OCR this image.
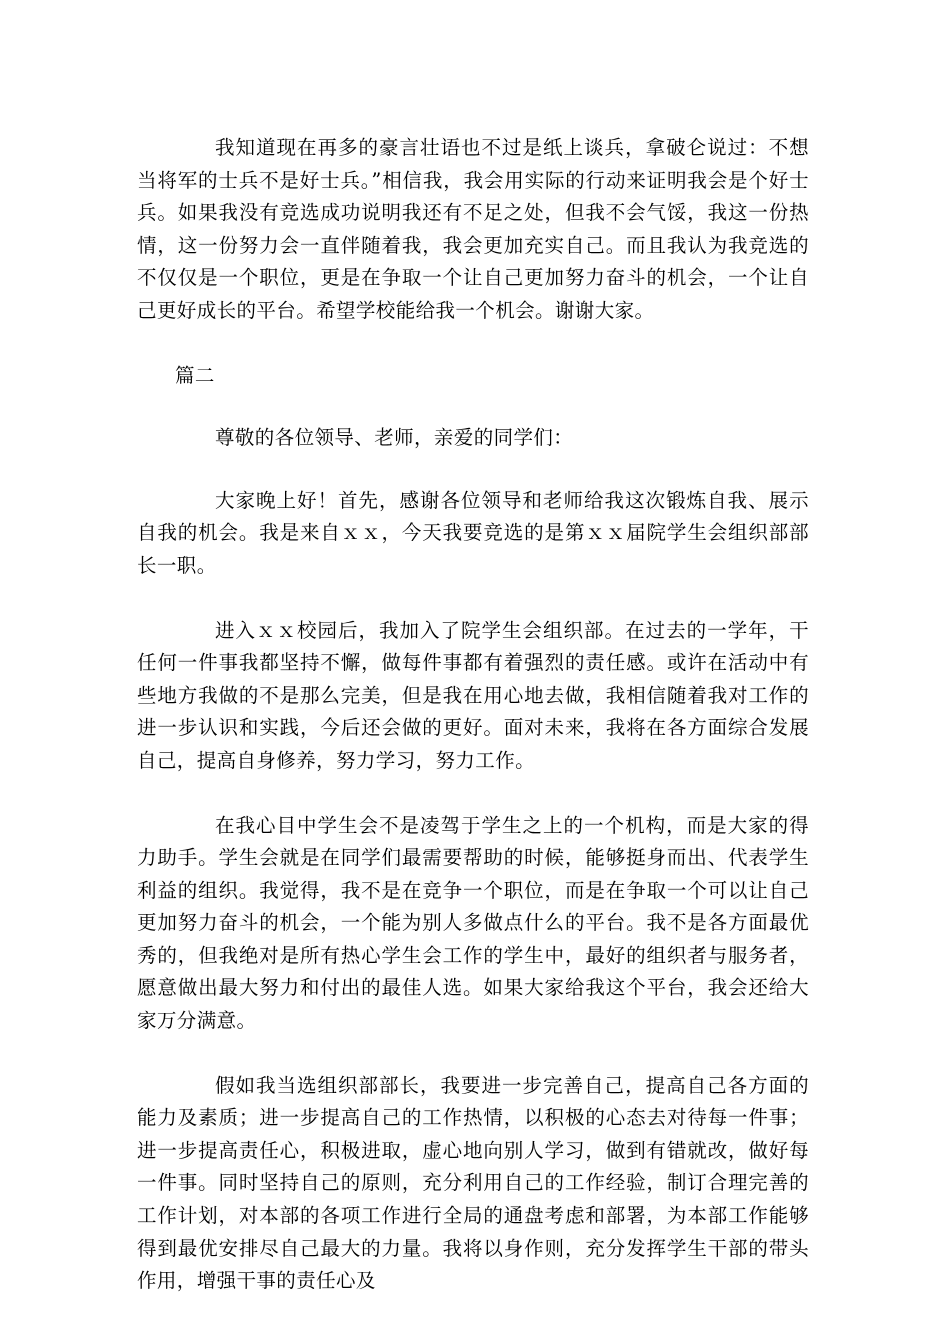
我知道现在再多的豪言壮语也不过是纸上谈兵，拿破仑说过：不想当将军的士兵不是好士兵。”相信我，我会用实际的行动来证明我会是个好士兵。如果我没有竞选成功说明我还有不足之处，但我不会气馁，我这一份热情，这一份努力会一直伴随着我，我会更加充实自己。而且我认为我竞选的不仅仅是一个职位，更是在争取一个让自己更加努力奋斗的机会，一个让自己更好成长的平台。希望学校能给我一个机会。谢谢大家。

篇二

尊敬的各位领导、老师，亲爱的同学们：

大家晚上好！首先，感谢各位领导和老师给我这次锻炼自我、展示自我的机会。我是来自ｘｘ，今天我要竞选的是第ｘｘ届院学生会组织部部长一职。

进入ｘｘ校园后，我加入了院学生会组织部。在过去的一学年，干任何一件事我都坚持不懈，做每件事都有着强烈的责任感。或许在活动中有些地方我做的不是那么完美，但是我在用心地去做，我相信随着我对工作的进一步认识和实践，今后还会做的更好。面对未来，我将在各方面综合发展自己，提高自身修养，努力学习，努力工作。

在我心目中学生会不是凌驾于学生之上的一个机构，而是大家的得力助手。学生会就是在同学们最需要帮助的时候，能够挺身而出、代表学生利益的组织。我觉得，我不是在竞争一个职位，而是在争取一个可以让自己更加努力奋斗的机会，一个能为别人多做点什么的平台。我不是各方面最优秀的，但我绝对是所有热心学生会工作的学生中，最好的组织者与服务者，愿意做出最大努力和付出的最佳人选。如果大家给我这个平台，我会还给大家万分满意。

假如我当选组织部部长，我要进一步完善自己，提高自己各方面的能力及素质；进一步提高自己的工作热情，以积极的心态去对待每一件事；进一步提高责任心，积极进取，虚心地向别人学习，做到有错就改，做好每一件事。同时坚持自己的原则，充分利用自己的工作经验，制订合理完善的工作计划，对本部的各项工作进行全局的通盘考虑和部署，为本部工作能够得到最优安排尽自己最大的力量。我将以身作则，充分发挥学生干部的带头作用，增强干事的责任心及
